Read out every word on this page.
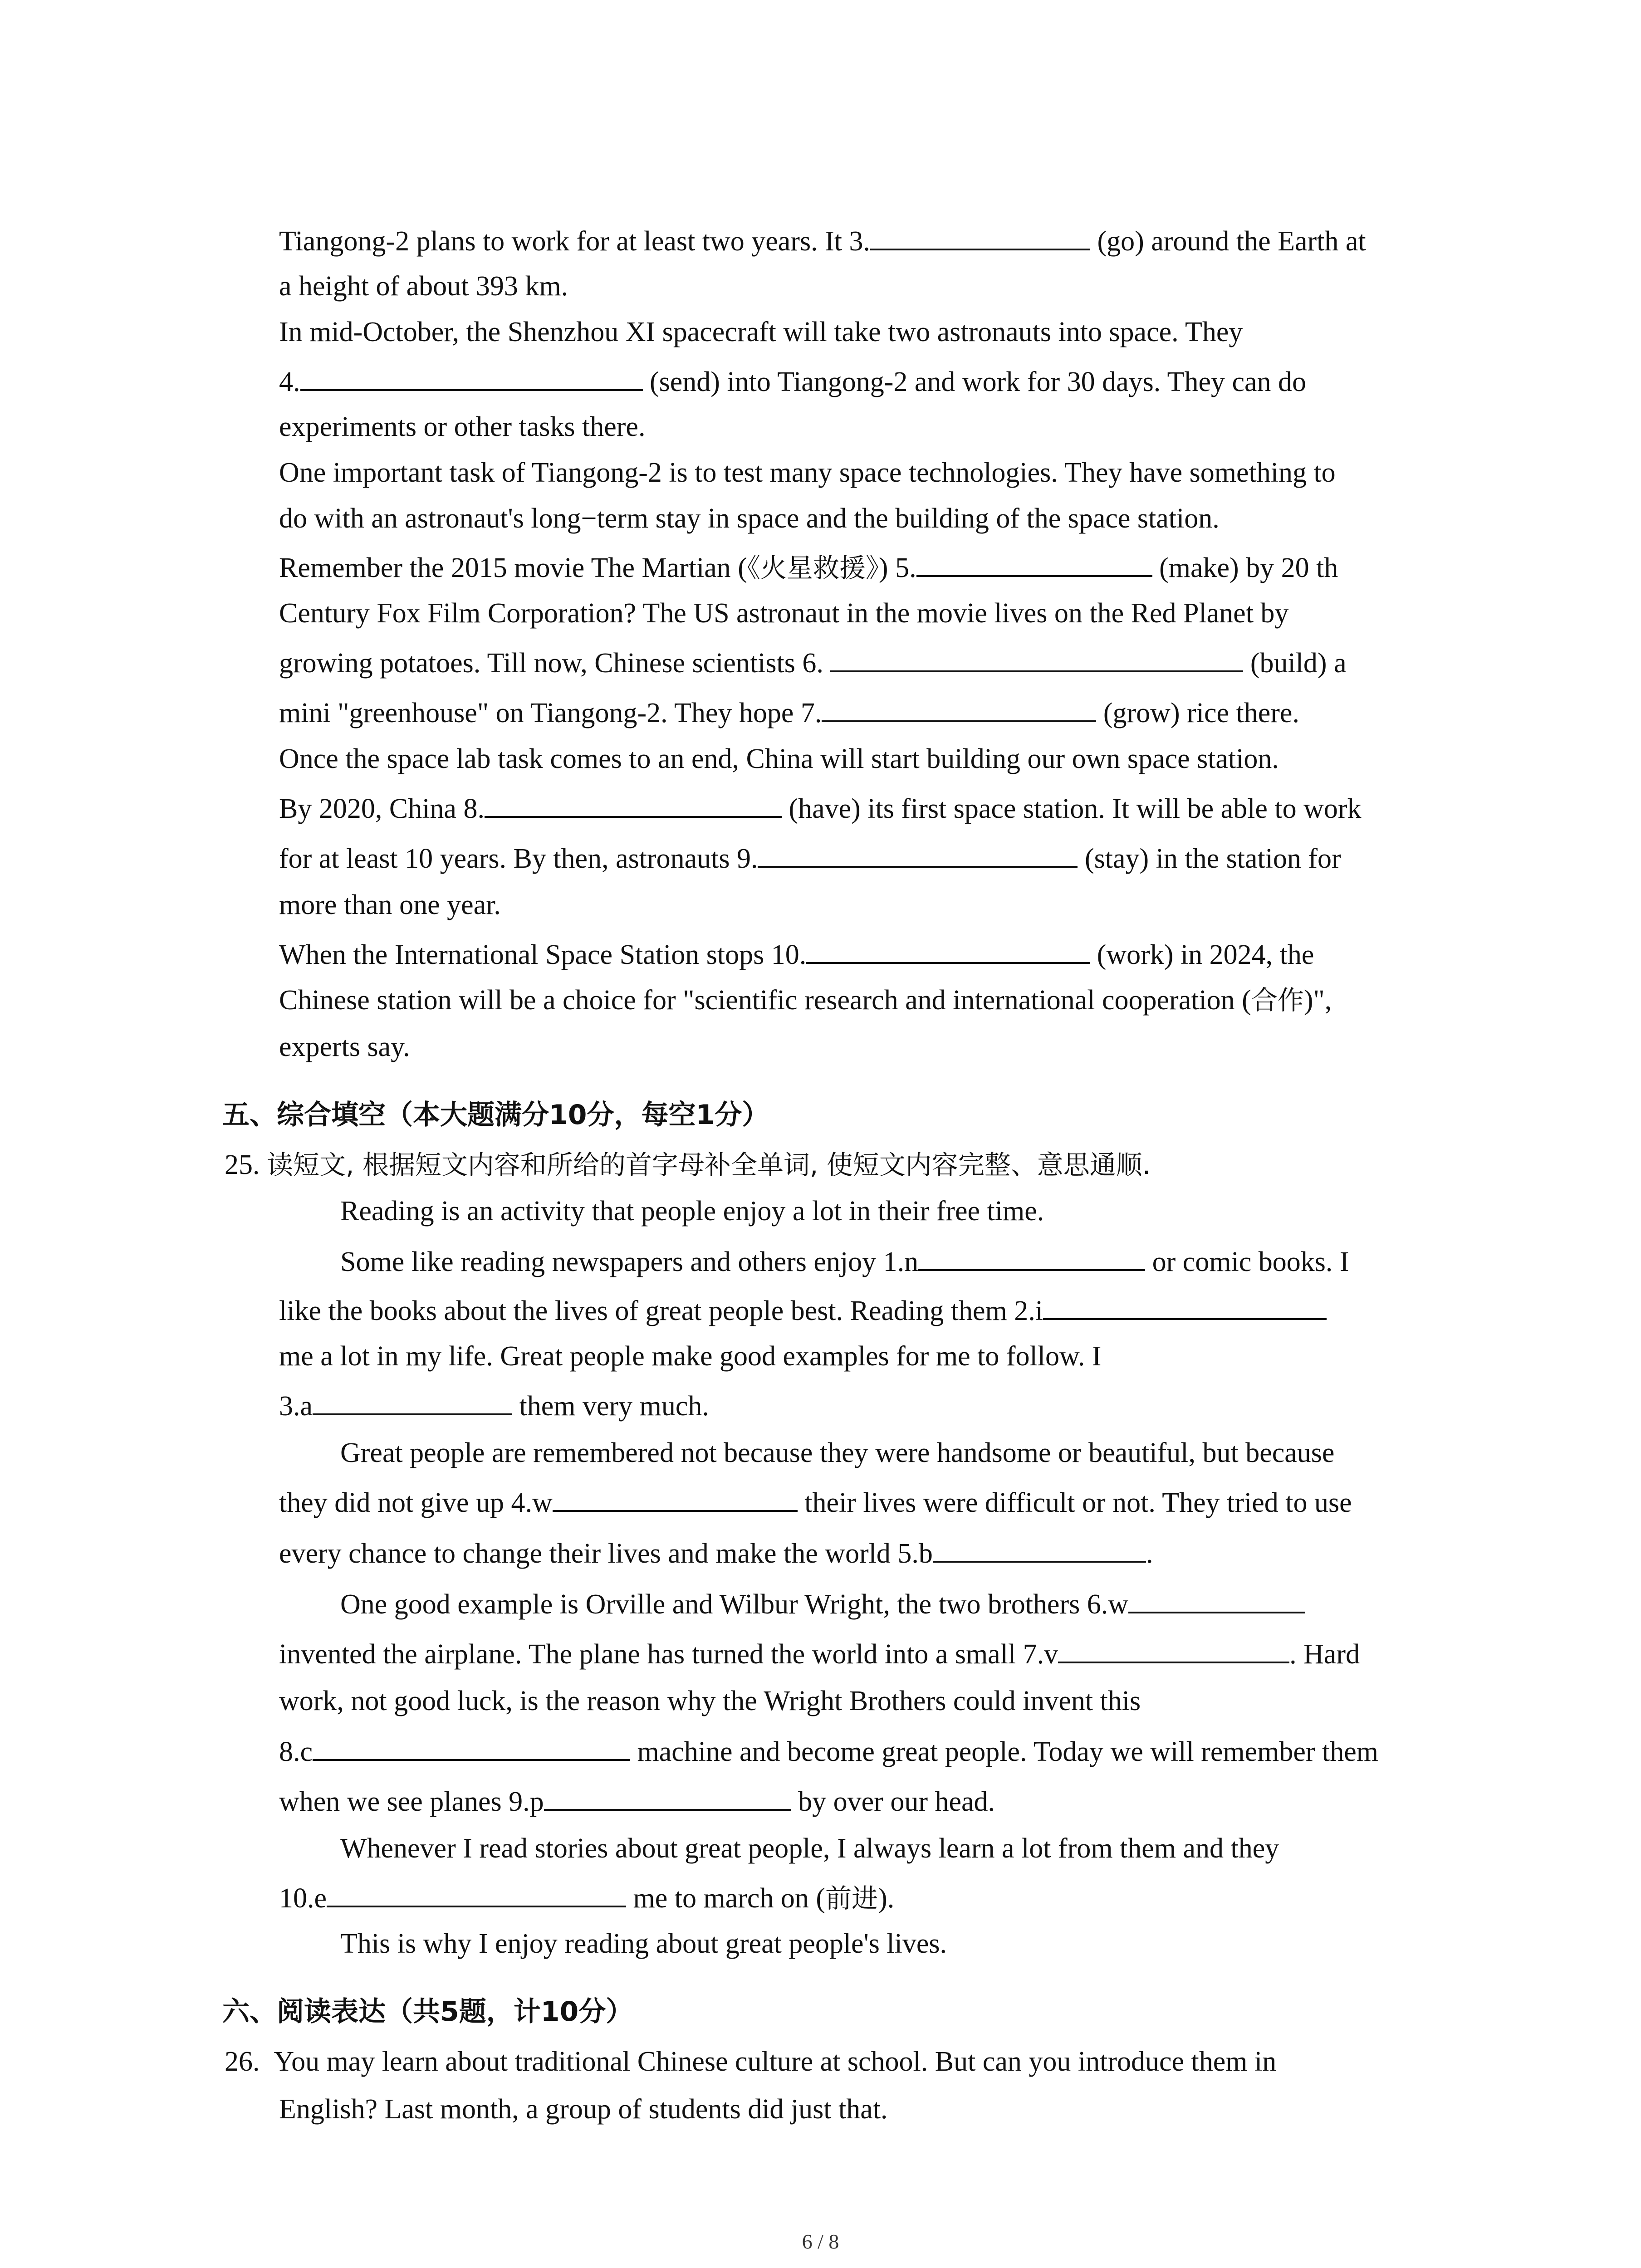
Tiangong-2 plans to work for at least two years. It 3.	(go) around the Earth at
a height of about 393 km.
In mid-October, the Shenzhou XI spacecraft will take two astronauts into space. They
4.	(send) into Tiangong-2 and work for 30 days. They can do
experiments or other tasks there.
One important task of Tiangong-2 is to test many space technologies. They have something to
do with an astronaut's long−term stay in space and the building of the space station.
Remember the 2015 movie The Martian (《火星救援》) 5.	(make) by 20 th
Century Fox Film Corporation? The US astronaut in the movie lives on the Red Planet by
growing potatoes. Till now, Chinese scientists 6.	(build) a
mini "greenhouse" on Tiangong-2. They hope 7.	(grow) rice there.
Once the space lab task comes to an end, China will start building our own space station.
By 2020, China 8.	(have) its first space station. It will be able to work
for at least 10 years. By then, astronauts 9.	(stay) in the station for
more than one year.
When the International Space Station stops 10.	(work) in 2024, the
Chinese station will be a choice for "scientific research and international cooperation (合作)",
experts say.
五、综合填空（本大题满分10分，每空1分）
25. 读短文, 根据短文内容和所给的首字母补全单词, 使短文内容完整、意思通顺.
Reading is an activity that people enjoy a lot in their free time.
Some like reading newspapers and others enjoy 1.n	or comic books. I
like the books about the lives of great people best. Reading them 2.i
me a lot in my life. Great people make good examples for me to follow. I
3.a	them very much.
Great people are remembered not because they were handsome or beautiful, but because
they did not give up 4.w	their lives were difficult or not. They tried to use
every chance to change their lives and make the world 5.b	.
One good example is Orville and Wilbur Wright, the two brothers 6.w
invented the airplane. The plane has turned the world into a small 7.v	. Hard
work, not good luck, is the reason why the Wright Brothers could invent this
8.c	machine and become great people. Today we will remember them
when we see planes 9.p	by over our head.
Whenever I read stories about great people, I always learn a lot from them and they
10.e	me to march on (前进).
This is why I enjoy reading about great people's lives.
六、阅读表达（共5题，计10分）
26. You may learn about traditional Chinese culture at school. But can you introduce them in
English? Last month, a group of students did just that.
6 / 8
